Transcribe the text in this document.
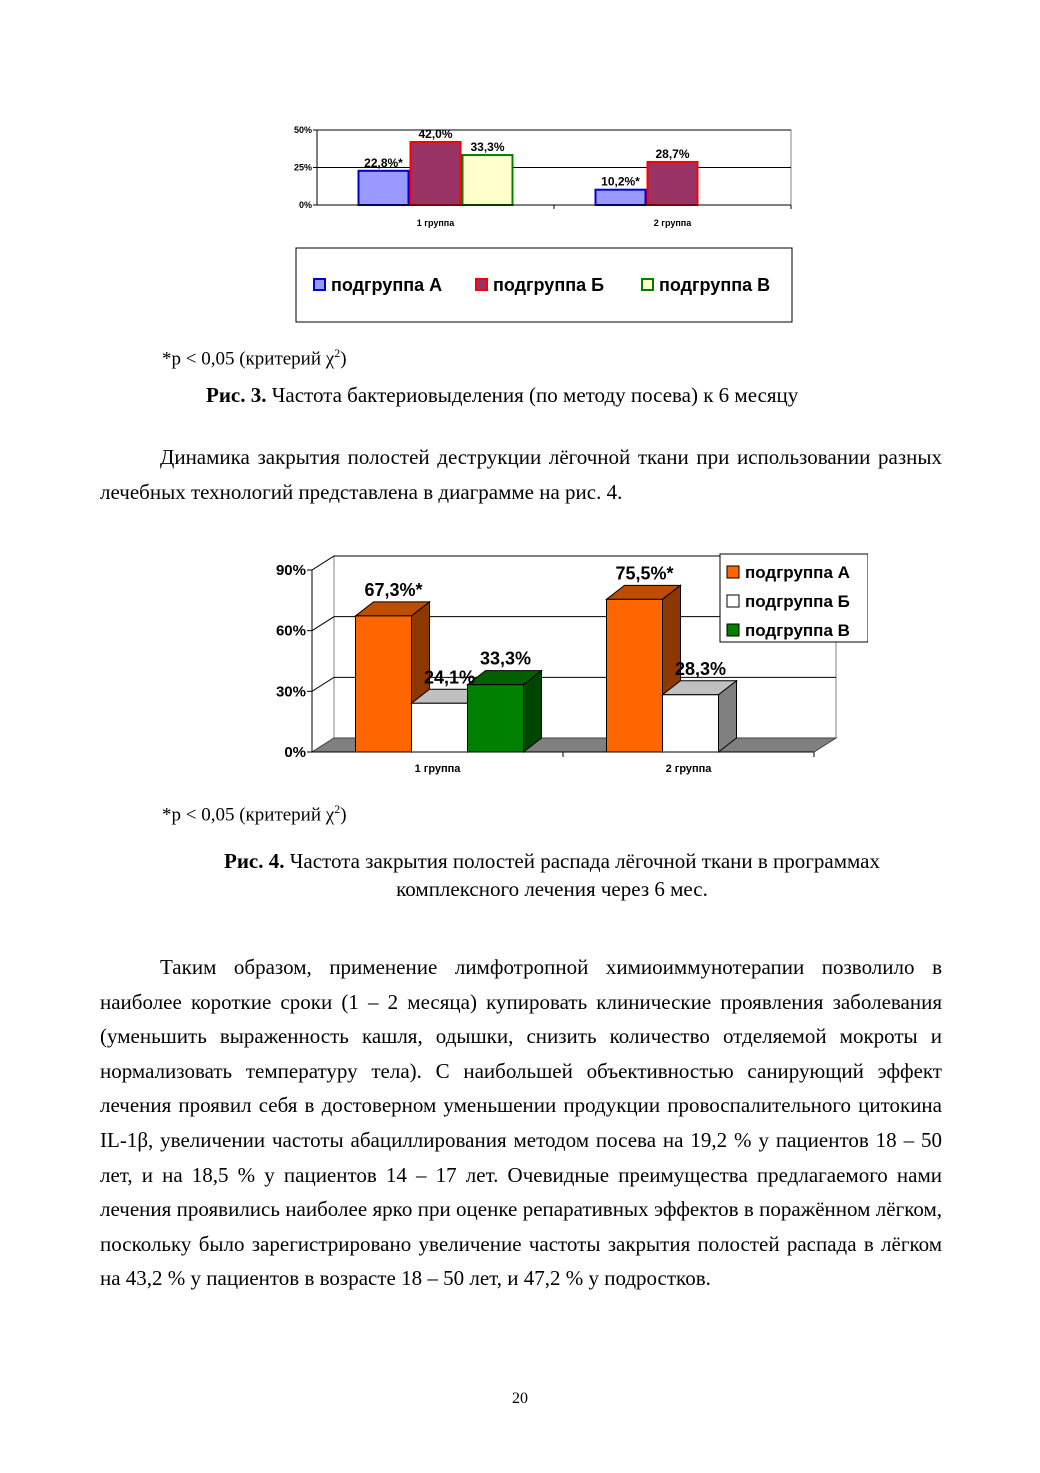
22,8%*
42,0%
33,3%
10,2%*
28,7%
0%
25%
50%
1 группа	2 группа
подгруппа А	подгруппа Б	подгруппа В
*p < 0,05 (критерий $\chi^2$)
Рис. 3. Частота бактериовыделения (по методу посева) к 6 месяцу
Динамика закрытия полостей деструкции лёгочной ткани при использовании разных лечебных технологий представлена в диаграмме на рис. 4.
67,3%*
24,1%
33,3%
75,5%*
28,3%
0%
30%
60%
90%
1 группа	2 группа
подгруппа А
подгруппа Б
подгруппа В
*p < 0,05 (критерий $\chi^2$)
Рис. 4. Частота закрытия полостей распада лёгочной ткани в программах
комплексного лечения через 6 мес.
Таким образом, применение лимфотропной химиоиммунотерапии позволило в наиболее короткие сроки (1 – 2 месяца) купировать клинические проявления заболевания (уменьшить выраженность кашля, одышки, снизить количество отделяемой мокроты и нормализовать температуру тела). С наибольшей объективностью санирующий эффект лечения проявил себя в достоверном уменьшении продукции провоспалительного цитокина IL-1β, увеличении частоты абациллирования методом посева на 19,2 % у пациентов 18 – 50 лет, и на 18,5 % у пациентов 14 – 17 лет. Очевидные преимущества предлагаемого нами лечения проявились наиболее ярко при оценке репаративных эффектов в поражённом лёгком, поскольку было зарегистрировано увеличение частоты закрытия полостей распада в лёгком на 43,2 % у пациентов в возрасте 18 – 50 лет, и 47,2 % у подростков.
20
